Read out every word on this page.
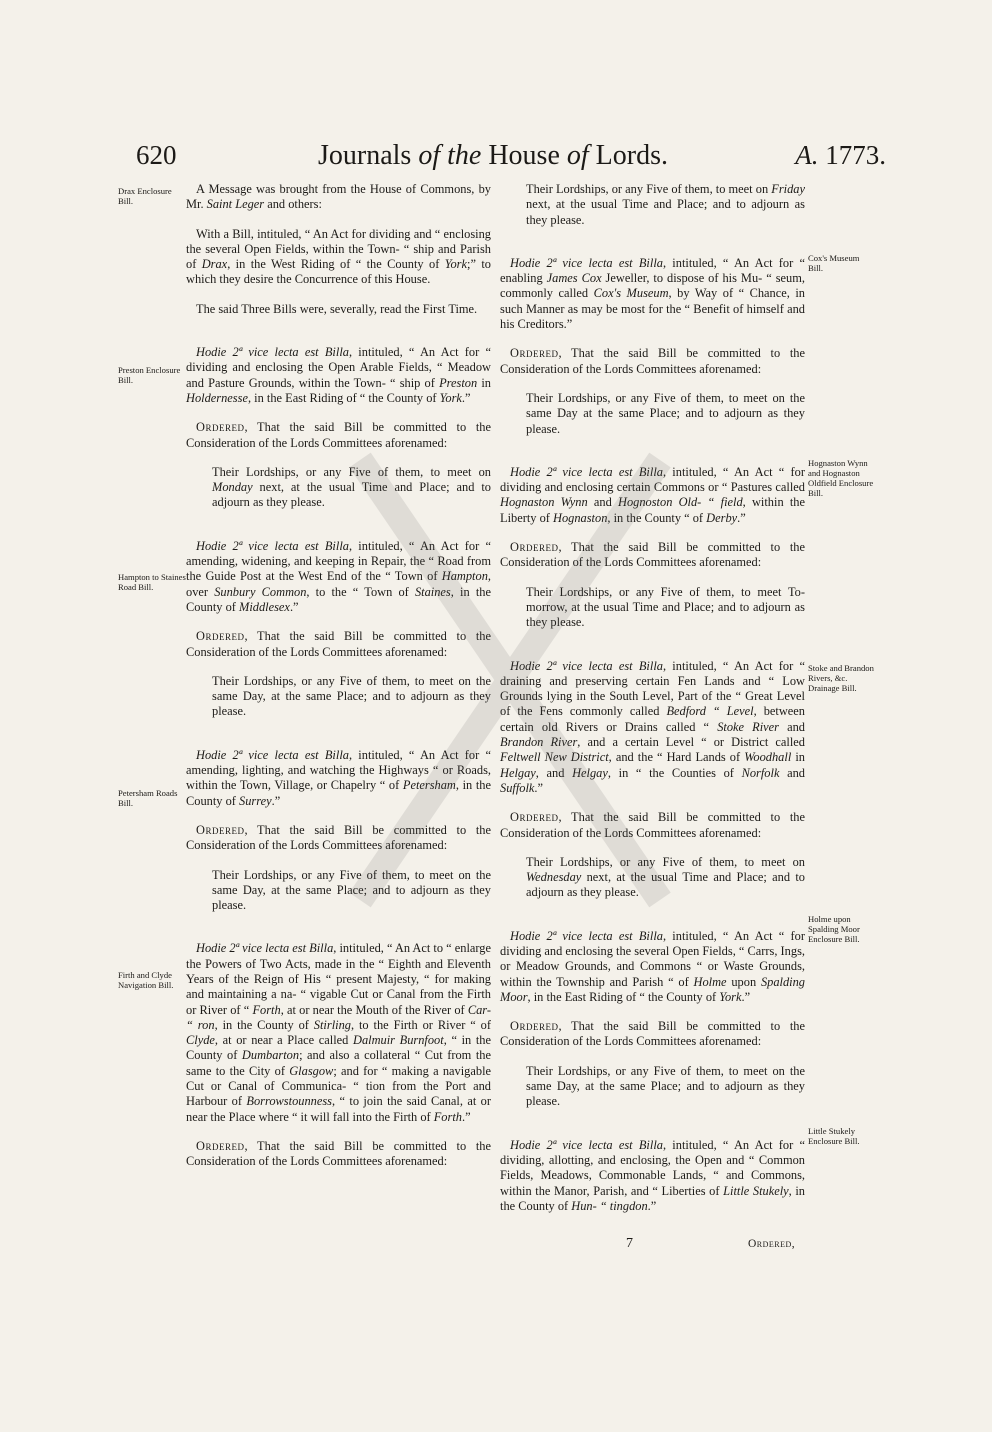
620	Journals of the House of Lords.	A. 1773.
Drax Enclosure Bill.
Preston Enclosure Bill.
Hampton to Staines Road Bill.
Petersham Roads Bill.
Firth and Clyde Navigation Bill.
Cox's Museum Bill.
Hognaston Wynn and Hognaston Oldfield Enclosure Bill.
Stoke and Brandon Rivers, &c. Drainage Bill.
Holme upon Spalding Moor Enclosure Bill.
Little Stukely Enclosure Bill.

A Message was brought from the House of Commons, by Mr. Saint Leger and others:

With a Bill, intituled, “ An Act for dividing and “ enclosing the several Open Fields, within the Town- “ ship and Parish of Drax, in the West Riding of “ the County of York;” to which they desire the Concurrence of this House.

The said Three Bills were, severally, read the First Time.

Hodie 2ª vice lecta est Billa, intituled, “ An Act for “ dividing and enclosing the Open Arable Fields, “ Meadow and Pasture Grounds, within the Town- “ ship of Preston in Holdernesse, in the East Riding of “ the County of York.”

Ordered, That the said Bill be committed to the Consideration of the Lords Committees aforenamed:

Their Lordships, or any Five of them, to meet on Monday next, at the usual Time and Place; and to adjourn as they please.

Hodie 2ª vice lecta est Billa, intituled, “ An Act for “ amending, widening, and keeping in Repair, the “ Road from the Guide Post at the West End of the “ Town of Hampton, over Sunbury Common, to the “ Town of Staines, in the County of Middlesex.”

Ordered, That the said Bill be committed to the Consideration of the Lords Committees aforenamed:

Their Lordships, or any Five of them, to meet on the same Day, at the same Place; and to adjourn as they please.

Hodie 2ª vice lecta est Billa, intituled, “ An Act for “ amending, lighting, and watching the Highways “ or Roads, within the Town, Village, or Chapelry “ of Petersham, in the County of Surrey.”

Ordered, That the said Bill be committed to the Consideration of the Lords Committees aforenamed:

Their Lordships, or any Five of them, to meet on the same Day, at the same Place; and to adjourn as they please.

Hodie 2ª vice lecta est Billa, intituled, “ An Act to “ enlarge the Powers of Two Acts, made in the “ Eighth and Eleventh Years of the Reign of His “ present Majesty, “ for making and maintaining a na- “ vigable Cut or Canal from the Firth or River of “ Forth, at or near the Mouth of the River of Car- “ ron, in the County of Stirling, to the Firth or River “ of Clyde, at or near a Place called Dalmuir Burnfoot, “ in the County of Dumbarton; and also a collateral “ Cut from the same to the City of Glasgow; and for “ making a navigable Cut or Canal of Communica- “ tion from the Port and Harbour of Borrowstounness, “ to join the said Canal, at or near the Place where “ it will fall into the Firth of Forth.”

Ordered, That the said Bill be committed to the Consideration of the Lords Committees aforenamed:

Their Lordships, or any Five of them, to meet on Friday next, at the usual Time and Place; and to adjourn as they please.

Hodie 2ª vice lecta est Billa, intituled, “ An Act for “ enabling James Cox Jeweller, to dispose of his Mu- “ seum, commonly called Cox's Museum, by Way of “ Chance, in such Manner as may be most for the “ Benefit of himself and his Creditors.”

Ordered, That the said Bill be committed to the Consideration of the Lords Committees aforenamed:

Their Lordships, or any Five of them, to meet on the same Day at the same Place; and to adjourn as they please.

Hodie 2ª vice lecta est Billa, intituled, “ An Act “ for dividing and enclosing certain Commons or “ Pastures called Hognaston Wynn and Hognoston Old- “ field, within the Liberty of Hognaston, in the County “ of Derby.”

Ordered, That the said Bill be committed to the Consideration of the Lords Committees aforenamed:

Their Lordships, or any Five of them, to meet To-morrow, at the usual Time and Place; and to adjourn as they please.

Hodie 2ª vice lecta est Billa, intituled, “ An Act for “ draining and preserving certain Fen Lands and “ Low Grounds lying in the South Level, Part of the “ Great Level of the Fens commonly called Bedford “ Level, between certain old Rivers or Drains called “ Stoke River and Brandon River, and a certain Level “ or District called Feltwell New District, and the “ Hard Lands of Woodhall in Helgay, and Helgay, in “ the Counties of Norfolk and Suffolk.”

Ordered, That the said Bill be committed to the Consideration of the Lords Committees aforenamed:

Their Lordships, or any Five of them, to meet on Wednesday next, at the usual Time and Place; and to adjourn as they please.

Hodie 2ª vice lecta est Billa, intituled, “ An Act “ for dividing and enclosing the several Open Fields, “ Carrs, Ings, or Meadow Grounds, and Commons “ or Waste Grounds, within the Township and Parish “ of Holme upon Spalding Moor, in the East Riding of “ the County of York.”

Ordered, That the said Bill be committed to the Consideration of the Lords Committees aforenamed:

Their Lordships, or any Five of them, to meet on the same Day, at the same Place; and to adjourn as they please.

Hodie 2ª vice lecta est Billa, intituled, “ An Act for “ dividing, allotting, and enclosing, the Open and “ Common Fields, Meadows, Commonable Lands, “ and Commons, within the Manor, Parish, and “ Liberties of Little Stukely, in the County of Hun- “ tingdon.”

7	Ordered,
